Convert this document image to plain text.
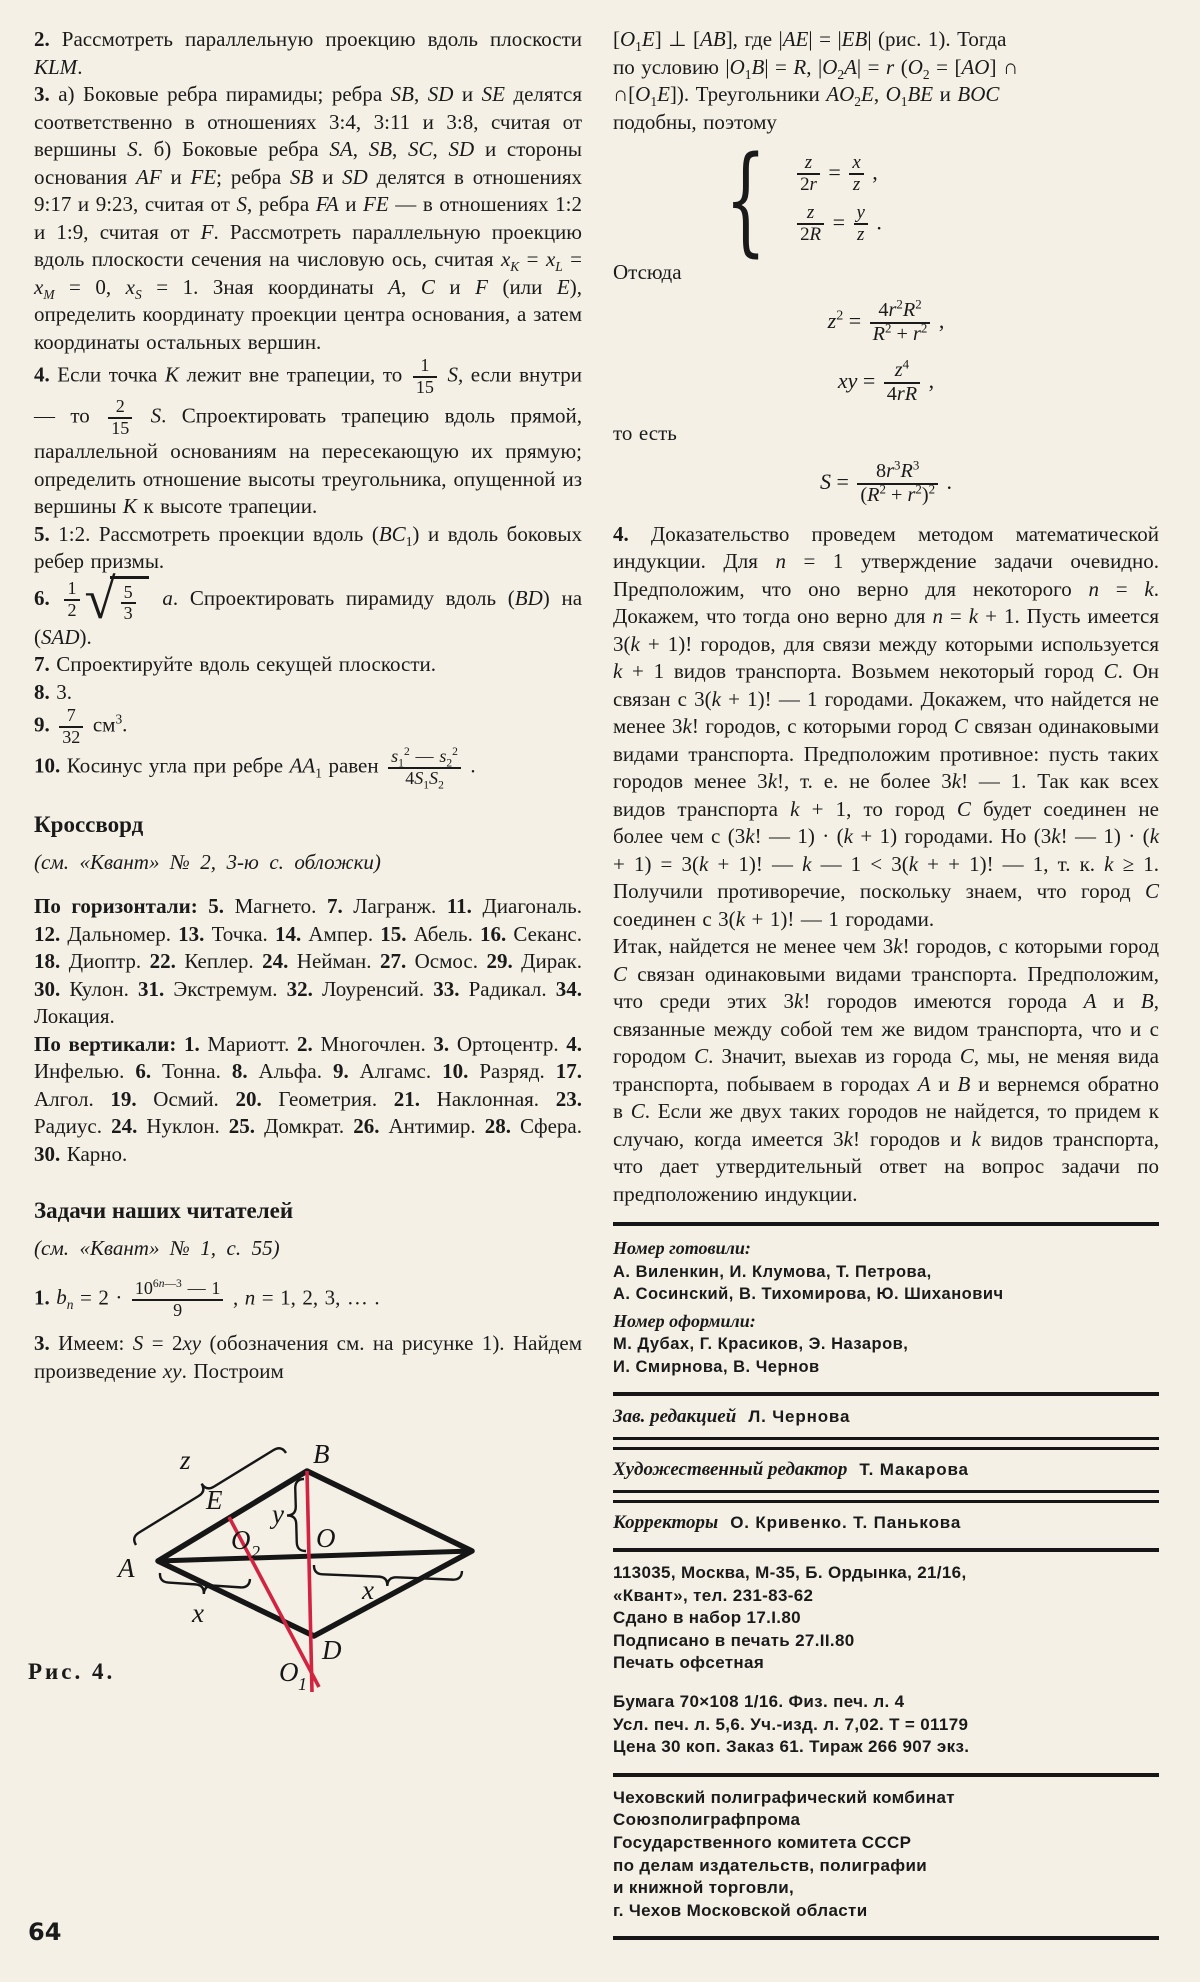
2. Рассмотреть параллельную проекцию вдоль плоскости KLM.

3. а) Боковые ребра пирамиды; ребра SB, SD и SE делятся соответственно в отношениях 3:4, 3:11 и 3:8, считая от вершины S. б) Боковые ребра SA, SB, SC, SD и стороны основания AF и FE; ребра SB и SD делятся в отношениях 9:17 и 9:23, считая от S, ребра FA и FE — в отношениях 1:2 и 1:9, считая от F. Рассмотреть параллельную проекцию вдоль плоскости сечения на числовую ось, считая $x_K = x_L = x_M = 0$, $x_S = 1$. Зная координаты A, C и F (или E), определить координату проекции центра основания, а затем координаты остальных вершин.

4. Если точка K лежит вне трапеции, то $\frac{1}{15} S$, если внутри — то $\frac{2}{15} S$. Спроектировать трапецию вдоль прямой, параллельной основаниям на пересекающую их прямую; определить отношение высоты треугольника, опущенной из вершины K к высоте трапеции.

5. 1:2. Рассмотреть проекции вдоль $(BC_1)$ и вдоль боковых ребер призмы.

6. $\frac{1}{2}$ √ $\frac{5}{3} a$. Спроектировать пирамиду вдоль (BD) на (SAD).

7. Спроектируйте вдоль секущей плоскости.

8. 3.

9. $\frac{7}{32} см^3$.

10. Косинус угла при ребре $AA_1$ равен $\frac{s_1^2 — s_2^2}{4S_1S_2}$ .

Кроссворд

(см. «Квант» № 2, 3-ю с. обложки)

По горизонтали: 5. Магнето. 7. Лагранж. 11. Диагональ. 12. Дальномер. 13. Точка. 14. Ампер. 15. Абель. 16. Секанс. 18. Диоптр. 22. Кеплер. 24. Нейман. 27. Осмос. 29. Дирак. 30. Кулон. 31. Экстремум. 32. Лоуренсий. 33. Радикал. 34. Локация.

По вертикали: 1. Мариотт. 2. Многочлен. 3. Ортоцентр. 4. Инфелью. 6. Тонна. 8. Альфа. 9. Алгамс. 10. Разряд. 17. Алгол. 19. Осмий. 20. Геометрия. 21. Наклонная. 23. Радиус. 24. Нуклон. 25. Домкрат. 26. Антимир. 28. Сфера. 30. Карно.

Задачи наших читателей

(см. «Квант» № 1, с. 55)

1. $b_n = 2 \cdot \frac{10^{6n—3} — 1}{9}$ , n = 1, 2, 3, … .

3. Имеем: S = 2xy (обозначения см. на рисунке 1). Найдем произведение xy. Построим

A
B
D
E
O
O 2
O 1
z
y
x
x
Рис. 4.

$[O_1E]$ ⊥ [AB], где |AE| = |EB| (рис. 1). Тогда
по условию $|O_1B| = R$, $|O_2A| = r$ ($O_2 = [AO]$ ∩
$\cap[O_1E]$). Треугольники $AO_2E$, $O_1BE$ и BOC
подобны, поэтому

{ $\frac{z}{2r} = \frac{x}{z}$ ,
$\frac{z}{2R} = \frac{y}{z}$ .

Отсюда

$z^2 = \frac{4r^2R^2}{R^2 + r^2}$ ,
xy = $\frac{z^4}{4rR}$ ,

то есть

$S = \frac{8r^3R^3}{(R^2 + r^2)^2}$ .

4. Доказательство проведем методом математической индукции. Для n = 1 утверждение задачи очевидно. Предположим, что оно верно для некоторого n = k. Докажем, что тогда оно верно для n = k + 1. Пусть имеется 3(k + 1)! городов, для связи между которыми используется k + 1 видов транспорта. Возьмем некоторый город C. Он связан с 3(k + 1)! — 1 городами. Докажем, что найдется не менее 3k! городов, с которыми город C связан одинаковыми видами транспорта. Предположим противное: пусть таких городов менее 3k!, т. е. не более 3k! — 1. Так как всех видов транспорта k + 1, то город C будет соединен не более чем с (3k! — 1) · (k + 1) городами. Но (3k! — 1) · (k + 1) = 3(k + 1)! — k — 1 < 3(k + + 1)! — 1, т. к. k ≥ 1. Получили противоречие, поскольку знаем, что город C соединен с 3(k + 1)! — 1 городами.

Итак, найдется не менее чем 3k! городов, с которыми город C связан одинаковыми видами транспорта. Предположим, что среди этих 3k! городов имеются города A и B, связанные между собой тем же видом транспорта, что и с городом C. Значит, выехав из города C, мы, не меняя вида транспорта, побываем в городах A и B и вернемся обратно в C. Если же двух таких городов не найдется, то придем к случаю, когда имеется 3k! городов и k видов транспорта, что дает утвердительный ответ на вопрос задачи по предположению индукции.

Номер готовили:
А. Виленкин, И. Клумова, Т. Петрова,
А. Сосинский, В. Тихомирова, Ю. Шиханович
Номер оформили:
М. Дубах, Г. Красиков, Э. Назаров,
И. Смирнова, В. Чернов
Зав. редакцией Л. Чернова
Художественный редактор Т. Макарова
Корректоры О. Кривенко. Т. Панькова
113035, Москва, М-35, Б. Ордынка, 21/16,
«Квант», тел. 231-83-62
Сдано в набор 17.I.80
Подписано в печать 27.II.80
Печать офсетная
Бумага 70×108 1/16. Физ. печ. л. 4
Усл. печ. л. 5,6. Уч.-изд. л. 7,02. Т = 01179
Цена 30 коп. Заказ 61. Тираж 266 907 экз.
Чеховский полиграфический комбинат
Союзполиграфпрома
Государственного комитета СССР
по делам издательств, полиграфии
и книжной торговли,
г. Чехов Московской области
64
